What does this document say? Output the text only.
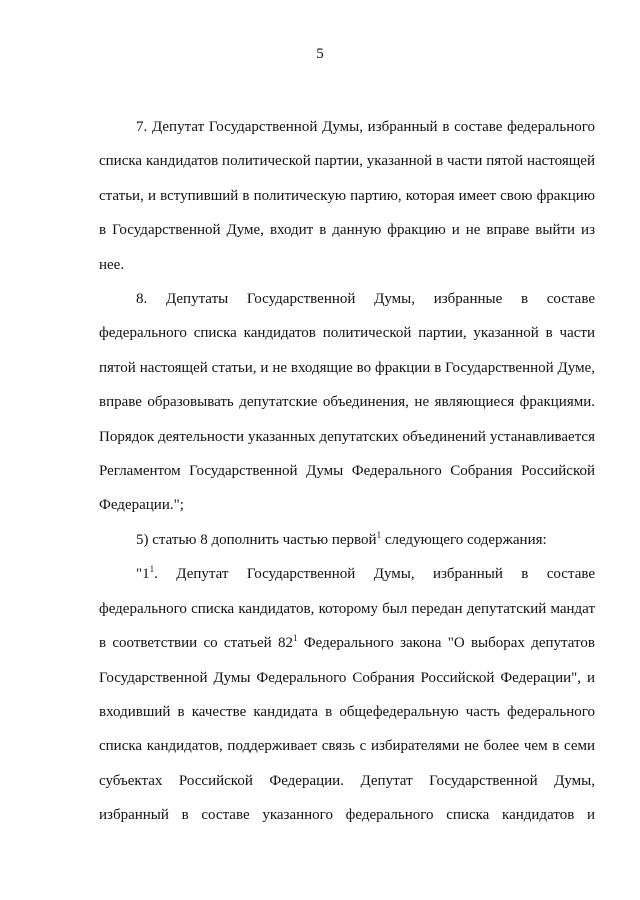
5

7. Депутат Государственной Думы, избранный в составе федерального списка кандидатов политической партии, указанной в части пятой настоящей статьи, и вступивший в политическую партию, которая имеет свою фракцию в Государственной Думе, входит в данную фракцию и не вправе выйти из нее.

8. Депутаты Государственной Думы, избранные в составе федерального списка кандидатов политической партии, указанной в части пятой настоящей статьи, и не входящие во фракции в Государственной Думе, вправе образовывать депутатские объединения, не являющиеся фракциями. Порядок деятельности указанных депутатских объединений устанавливается Регламентом Государственной Думы Федерального Собрания Российской Федерации.";

5) статью 8 дополнить частью первой$^1$ следующего содержания:

"$1^1$. Депутат Государственной Думы, избранный в составе федерального списка кандидатов, которому был передан депутатский мандат в соответствии со статьей $82^1$ Федерального закона "О выборах депутатов Государственной Думы Федерального Собрания Российской Федерации", и входивший в качестве кандидата в общефедеральную часть федерального списка кандидатов, поддерживает связь с избирателями не более чем в семи субъектах Российской Федерации. Депутат Государственной Думы, избранный в составе указанного федерального списка кандидатов и
